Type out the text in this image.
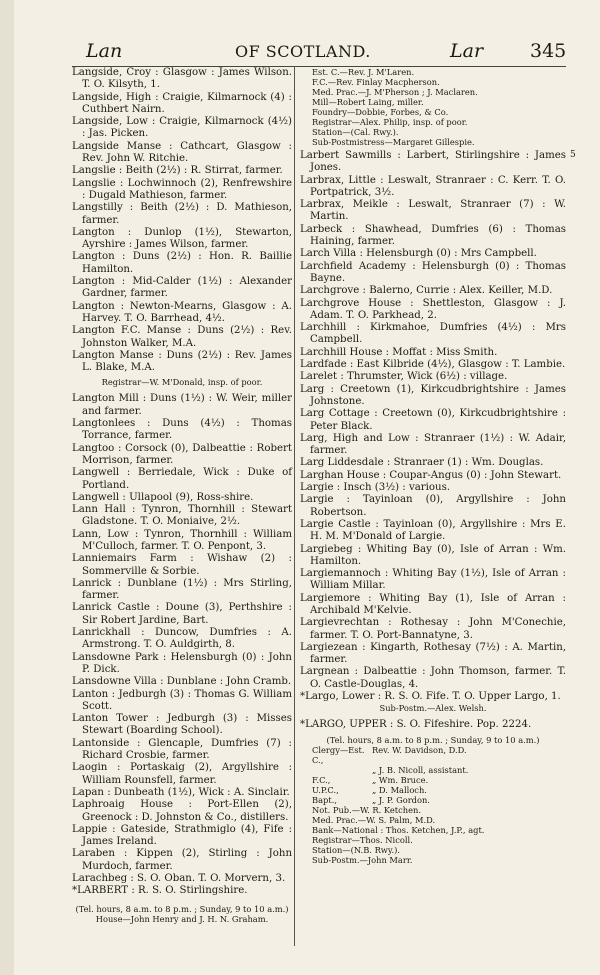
Lan	OF SCOTLAND.	Lar 345
5
Langside, Croy : Glasgow : James Wilson. T. O. Kilsyth, 1.
Langside, High : Craigie, Kilmarnock (4) : Cuthbert Nairn.
Langside, Low : Craigie, Kilmarnock (4½) : Jas. Picken.
Langside Manse : Cathcart, Glasgow : Rev. John W. Ritchie.
Langslie : Beith (2½) : R. Stirrat, farmer.
Langslie : Lochwinnoch (2), Renfrewshire : Dugald Mathieson, farmer.
Langstilly : Beith (2½) : D. Mathieson, farmer.
Langton : Dunlop (1½), Stewarton, Ayrshire : James Wilson, farmer.
Langton : Duns (2½) : Hon. R. Baillie Hamilton.
Langton : Mid-Calder (1½) : Alexander Gardner, farmer.
Langton : Newton-Mearns, Glasgow : A. Harvey. T. O. Barrhead, 4½.
Langton F.C. Manse : Duns (2½) : Rev. Johnston Walker, M.A.
Langton Manse : Duns (2½) : Rev. James L. Blake, M.A.
Registrar—W. M'Donald, insp. of poor.
Langton Mill : Duns (1½) : W. Weir, miller and farmer.
Langtonlees : Duns (4½) : Thomas Torrance, farmer.
Langtoo : Corsock (0), Dalbeattie : Robert Morrison, farmer.
Langwell : Berriedale, Wick : Duke of Portland.
Langwell : Ullapool (9), Ross-shire.
Lann Hall : Tynron, Thornhill : Stewart Gladstone. T. O. Moniaive, 2½.
Lann, Low : Tynron, Thornhill : William M'Culloch, farmer. T. O. Penpont, 3.
Lanniemairs Farm : Wishaw (2) : Sommerville & Sorbie.
Lanrick : Dunblane (1½) : Mrs Stirling, farmer.
Lanrick Castle : Doune (3), Perthshire : Sir Robert Jardine, Bart.
Lanrickhall : Duncow, Dumfries : A. Armstrong. T. O. Auldgirth, 8.
Lansdowne Park : Helensburgh (0) : John P. Dick.
Lansdowne Villa : Dunblane : John Cramb.
Lanton : Jedburgh (3) : Thomas G. William Scott.
Lanton Tower : Jedburgh (3) : Misses Stewart (Boarding School).
Lantonside : Glencaple, Dumfries (7) : Richard Crosbie, farmer.
Laogin : Portaskaig (2), Argyllshire : William Rounsfell, farmer.
Lapan : Dunbeath (1½), Wick : A. Sinclair.
Laphroaig House : Port-Ellen (2), Greenock : D. Johnston & Co., distillers.
Lappie : Gateside, Strathmiglo (4), Fife : James Ireland.
Laraben : Kippen (2), Stirling : John Murdoch, farmer.
Larachbeg : S. O. Oban. T. O. Morvern, 3.
*LARBERT : R. S. O. Stirlingshire.
(Tel. hours, 8 a.m. to 8 p.m. ; Sunday, 9 to 10 a.m.)
House—John Henry and J. H. N. Graham.
Est. C.—Rev. J. M'Laren.
F.C.—Rev. Finlay Macpherson.
Med. Prac.—J. M'Pherson ; J. Maclaren.
Mill—Robert Laing, miller.
Foundry—Dobbie, Forbes, & Co.
Registrar—Alex. Philip, insp. of poor.
Station—(Cal. Rwy.).
Sub-Postmistress—Margaret Gillespie.
Larbert Sawmills : Larbert, Stirlingshire : James Jones.
Larbrax, Little : Leswalt, Stranraer : C. Kerr. T. O. Portpatrick, 3½.
Larbrax, Meikle : Leswalt, Stranraer (7) : W. Martin.
Larbeck : Shawhead, Dumfries (6) : Thomas Haining, farmer.
Larch Villa : Helensburgh (0) : Mrs Campbell.
Larchfield Academy : Helensburgh (0) : Thomas Bayne.
Larchgrove : Balerno, Currie : Alex. Keiller, M.D.
Larchgrove House : Shettleston, Glasgow : J. Adam. T. O. Parkhead, 2.
Larchhill : Kirkmahoe, Dumfries (4½) : Mrs Campbell.
Larchhill House : Moffat : Miss Smith.
Lardfade : East Kilbride (4½), Glasgow : T. Lambie.
Larelet : Thrumster, Wick (6½) : village.
Larg : Creetown (1), Kirkcudbrightshire : James Johnstone.
Larg Cottage : Creetown (0), Kirkcudbrightshire : Peter Black.
Larg, High and Low : Stranraer (1½) : W. Adair, farmer.
Larg Liddesdale : Stranraer (1) : Wm. Douglas.
Larghan House : Coupar-Angus (0) : John Stewart.
Largie : Insch (3½) : various.
Largie : Tayinloan (0), Argyllshire : John Robertson.
Largie Castle : Tayinloan (0), Argyllshire : Mrs E. H. M. M'Donald of Largie.
Largiebeg : Whiting Bay (0), Isle of Arran : Wm. Hamilton.
Largiemannoch : Whiting Bay (1½), Isle of Arran : William Millar.
Largiemore : Whiting Bay (1), Isle of Arran : Archibald M'Kelvie.
Largievrechtan : Rothesay : John M'Conechie, farmer. T. O. Port-Bannatyne, 3.
Largiezean : Kingarth, Rothesay (7½) : A. Martin, farmer.
Largnean : Dalbeattie : John Thomson, farmer. T. O. Castle-Douglas, 4.
*Largo, Lower : R. S. O. Fife. T. O. Upper Largo, 1.
Sub-Postm.—Alex. Welsh.
*LARGO, UPPER : S. O. Fifeshire. Pop. 2224.
(Tel. hours, 8 a.m. to 8 p.m. ; Sunday, 9 to 10 a.m.)
Clergy—Est. C.,
Rev. W. Davidson, D.D.
„ J. B. Nicoll, assistant.
F.C.,	„ Wm. Bruce.
U.P.C.,	„ D. Malloch.
Bapt.,	„ J. P. Gordon.
Not. Pub.—W. R. Ketchen.
Med. Prac.—W. S. Palm, M.D.
Bank—National : Thos. Ketchen, J.P., agt.
Registrar—Thos. Nicoll.
Station—(N.B. Rwy.).
Sub-Postm.—John Marr.
